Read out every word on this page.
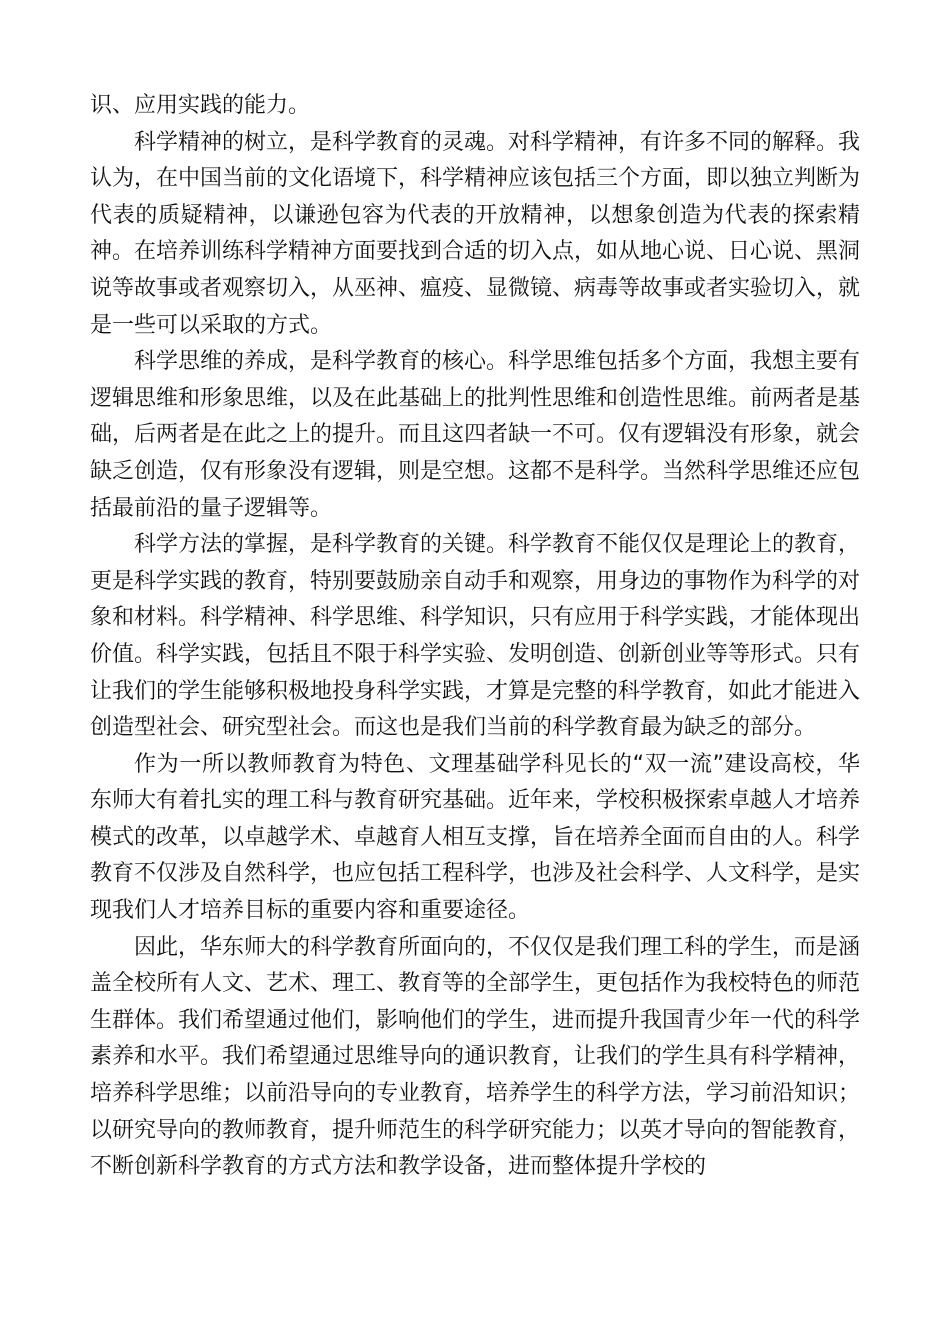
识、应用实践的能力。

科学精神的树立，是科学教育的灵魂。对科学精神，有许多不同的解释。我认为，在中国当前的文化语境下，科学精神应该包括三个方面，即以独立判断为代表的质疑精神，以谦逊包容为代表的开放精神，以想象创造为代表的探索精神。在培养训练科学精神方面要找到合适的切入点，如从地心说、日心说、黑洞说等故事或者观察切入，从巫神、瘟疫、显微镜、病毒等故事或者实验切入，就是一些可以采取的方式。

科学思维的养成，是科学教育的核心。科学思维包括多个方面，我想主要有逻辑思维和形象思维，以及在此基础上的批判性思维和创造性思维。前两者是基础，后两者是在此之上的提升。而且这四者缺一不可。仅有逻辑没有形象，就会缺乏创造，仅有形象没有逻辑，则是空想。这都不是科学。当然科学思维还应包括最前沿的量子逻辑等。

科学方法的掌握，是科学教育的关键。科学教育不能仅仅是理论上的教育，更是科学实践的教育，特别要鼓励亲自动手和观察，用身边的事物作为科学的对象和材料。科学精神、科学思维、科学知识，只有应用于科学实践，才能体现出价值。科学实践，包括且不限于科学实验、发明创造、创新创业等等形式。只有让我们的学生能够积极地投身科学实践，才算是完整的科学教育，如此才能进入创造型社会、研究型社会。而这也是我们当前的科学教育最为缺乏的部分。

作为一所以教师教育为特色、文理基础学科见长的“双一流”建设高校，华东师大有着扎实的理工科与教育研究基础。近年来，学校积极探索卓越人才培养模式的改革，以卓越学术、卓越育人相互支撑，旨在培养全面而自由的人。科学教育不仅涉及自然科学，也应包括工程科学，也涉及社会科学、人文科学，是实现我们人才培养目标的重要内容和重要途径。

因此，华东师大的科学教育所面向的，不仅仅是我们理工科的学生，而是涵盖全校所有人文、艺术、理工、教育等的全部学生，更包括作为我校特色的师范生群体。我们希望通过他们，影响他们的学生，进而提升我国青少年一代的科学素养和水平。我们希望通过思维导向的通识教育，让我们的学生具有科学精神，培养科学思维；以前沿导向的专业教育，培养学生的科学方法，学习前沿知识；以研究导向的教师教育，提升师范生的科学研究能力；以英才导向的智能教育，不断创新科学教育的方式方法和教学设备，进而整体提升学校的
